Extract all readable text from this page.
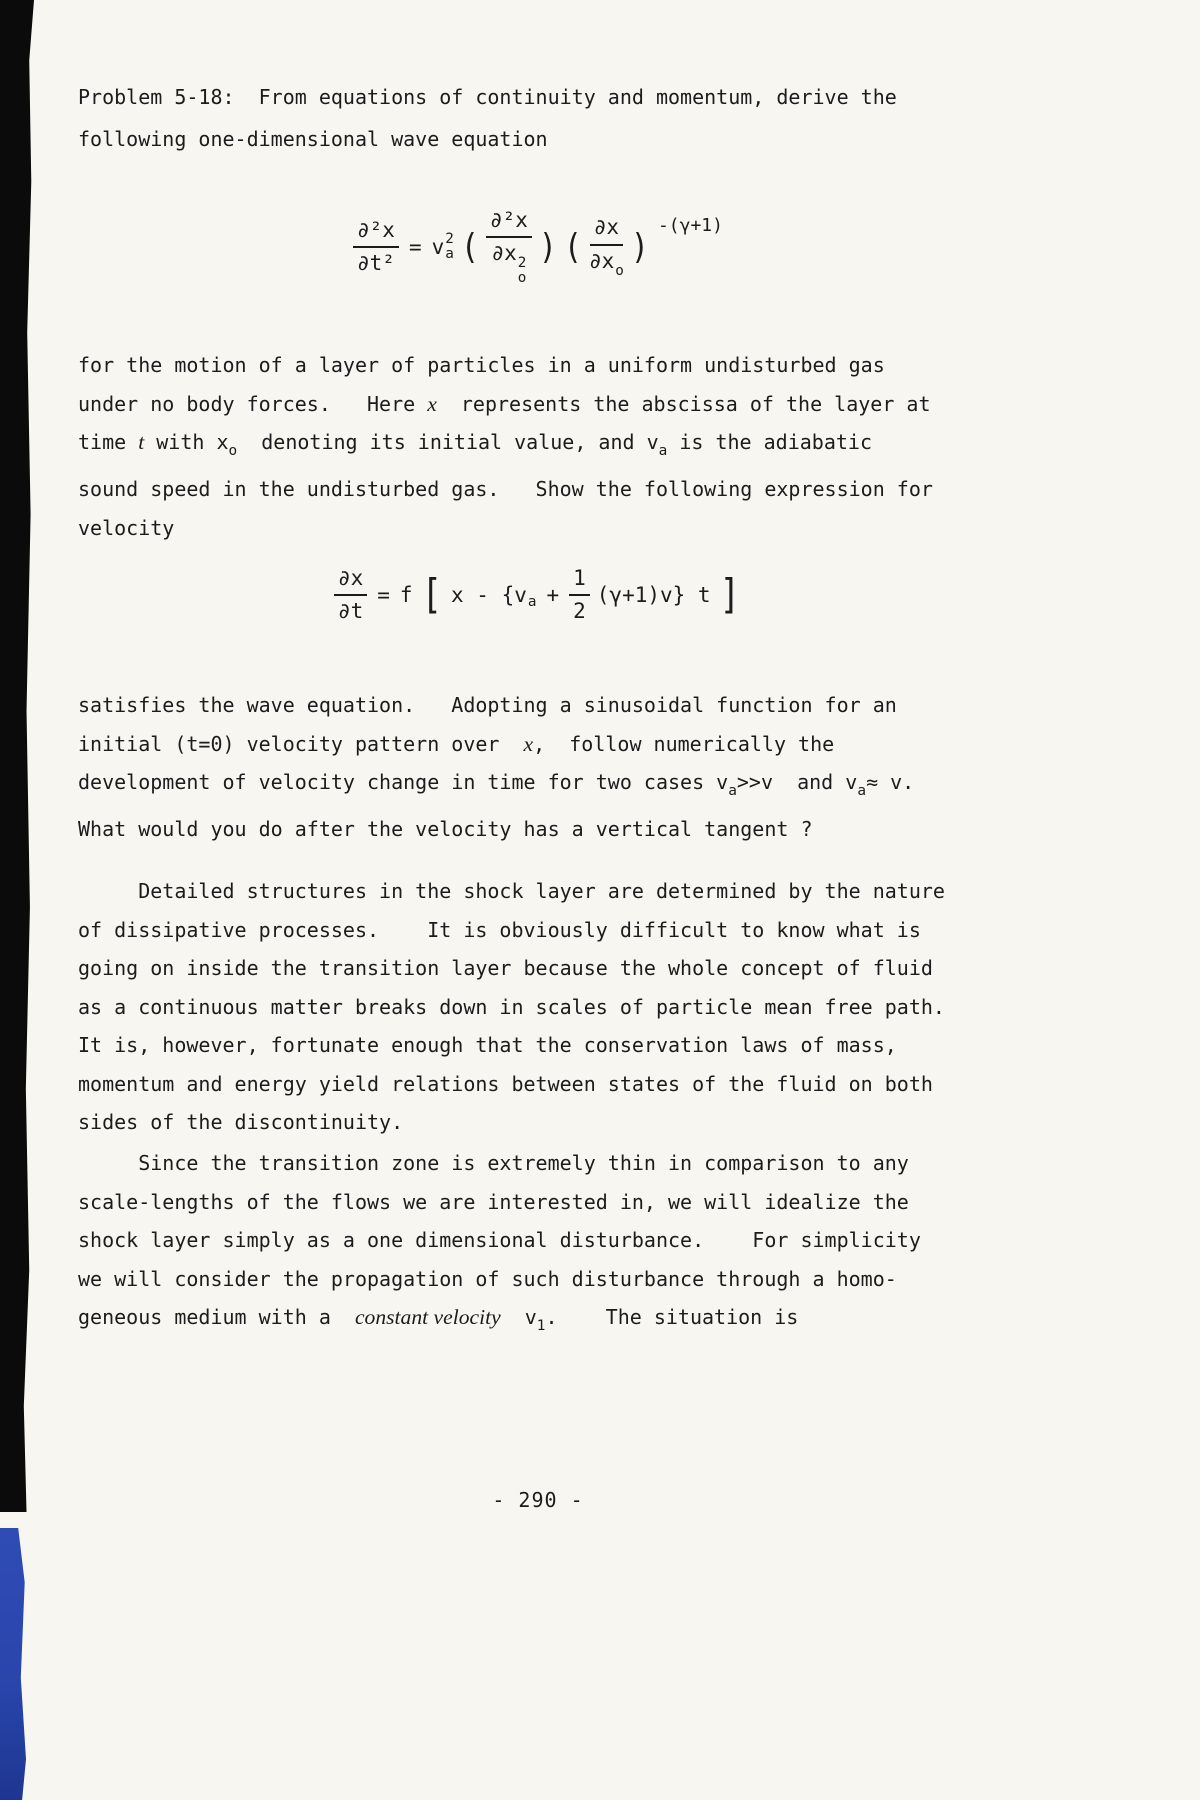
Problem 5-18:  From equations of continuity and momentum, derive the
following one-dimensional wave equation
$\frac{\text{∂²x}}{\text{∂t²}} = v$ 2
a ( ∂²x
∂x 2
o ) ( $\frac{\partial x}{\text{∂x o}}$ )
-(γ+1)
for the motion of a layer of particles in a uniform undisturbed gas
under no body forces.   Here x  represents the abscissa of the layer at
time t with $x_o$  denoting its initial value, and $v_a$ is the adiabatic
sound speed in the undisturbed gas.   Show the following expression for
velocity
$\frac{\partial x}{\partial t} = f$ [ x - {v
$a + \frac{1}{2} (\gamma+1)v$} t ]
satisfies the wave equation.   Adopting a sinusoidal function for an
initial (t=0) velocity pattern over  x,  follow numerically the
development of velocity change in time for two cases $v_a>>v$  and $v_a\approx v$.
What would you do after the velocity has a vertical tangent ?
Detailed structures in the shock layer are determined by the nature
of dissipative processes.    It is obviously difficult to know what is
going on inside the transition layer because the whole concept of fluid
as a continuous matter breaks down in scales of particle mean free path.
It is, however, fortunate enough that the conservation laws of mass,
momentum and energy yield relations between states of the fluid on both
sides of the discontinuity.
Since the transition zone is extremely thin in comparison to any
scale-lengths of the flows we are interested in, we will idealize the
shock layer simply as a one dimensional disturbance.    For simplicity
we will consider the propagation of such disturbance through a homo-
geneous medium with a  constant velocity  $v_1$.    The situation is
- 290 -
